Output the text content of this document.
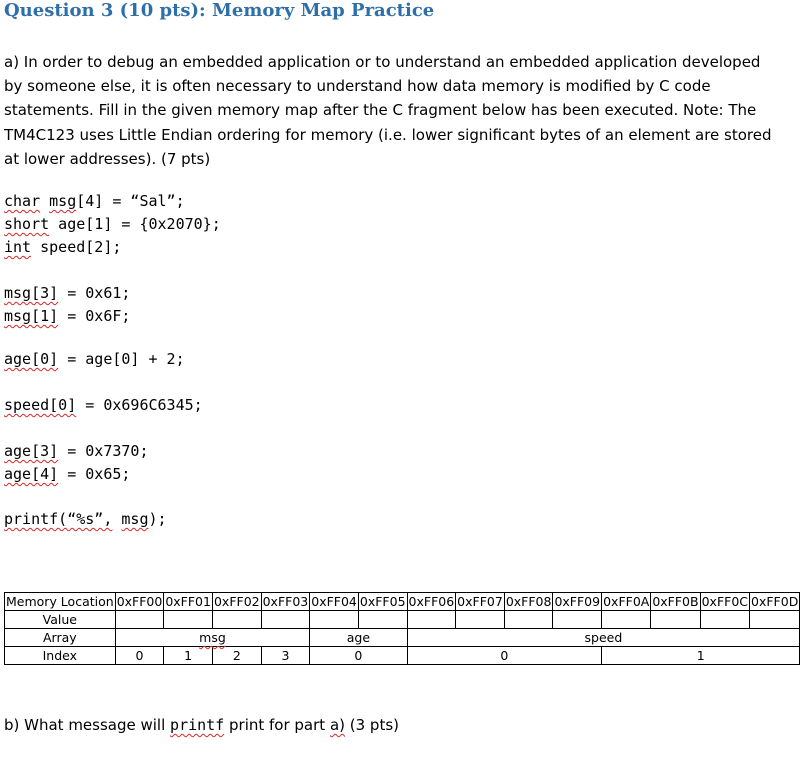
Question 3 (10 pts): Memory Map Practice
a) In order to debug an embedded application or to understand an embedded application developed by someone else, it is often necessary to understand how data memory is modified by C code statements. Fill in the given memory map after the C fragment below has been executed. Note: The TM4C123 uses Little Endian ordering for memory (i.e. lower significant bytes of an element are stored at lower addresses). (7 pts)
char msg[4] = “Sal”;
short age[1] = {0x2070};
int speed[2];
msg[3] = 0x61;
msg[1] = 0x6F;
age[0] = age[0] + 2;
speed[0] = 0x696C6345;
age[3] = 0x7370;
age[4] = 0x65;
printf(“%s”, msg);
Memory Location	0xFF00	0xFF01	0xFF02	0xFF03	0xFF04	0xFF05	0xFF06	0xFF07	0xFF08	0xFF09	0xFF0A	0xFF0B	0xFF0C	0xFF0D
Value														
Array	msg				age		speed							
Index	0	1	2	3	0		0				1			
b) What message will printf print for part a) (3 pts)
